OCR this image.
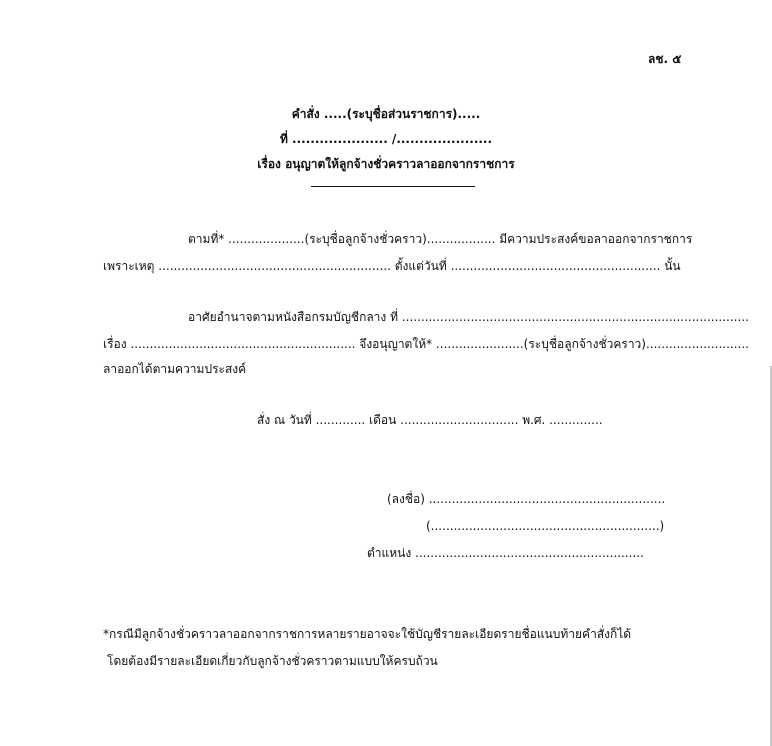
ลช. ๕
คำสั่ง .....(ระบุชื่อส่วนราชการ).....
ที่ ..................... /.....................
เรื่อง อนุญาตให้ลูกจ้างชั่วคราวลาออกจากราชการ
ตามที่* ....................(ระบุชื่อลูกจ้างชั่วคราว).................. มีความประสงค์ขอลาออกจากราชการ
เพราะเหตุ ............................................................. ตั้งแต่วันที่ ....................................................... นั้น
อาศัยอำนาจตามหนังสือกรมบัญชีกลาง ที่ ...........................................................................................
เรื่อง ........................................................... จึงอนุญาตให้* .......................(ระบุชื่อลูกจ้างชั่วคราว)...........................
ลาออกได้ตามความประสงค์
สั่ง ณ วันที่ ............. เดือน ............................... พ.ศ. ..............
(ลงชื่อ) ..............................................................
(............................................................)
ตำแหน่ง ............................................................
*กรณีมีลูกจ้างชั่วคราวลาออกจากราชการหลายรายอาจจะใช้บัญชีรายละเอียดรายชื่อแนบท้ายคำสั่งก็ได้
โดยต้องมีรายละเอียดเกี่ยวกับลูกจ้างชั่วคราวตามแบบให้ครบถ้วน
